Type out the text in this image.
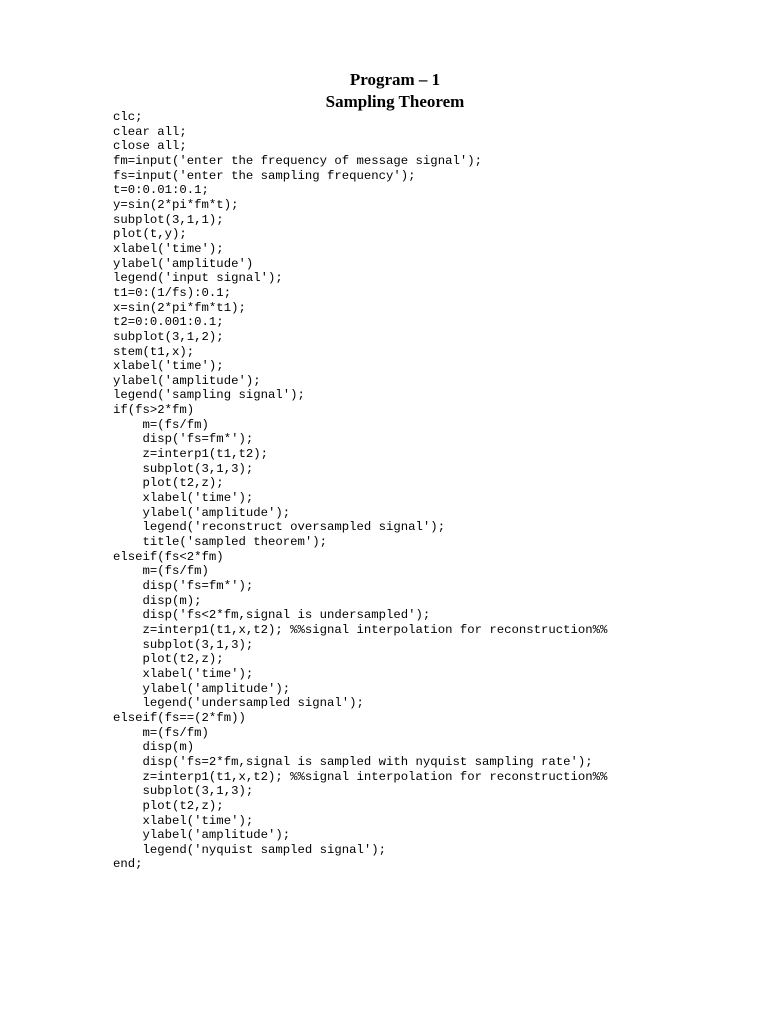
Program – 1
Sampling Theorem
clc;
clear all;
close all;
fm=input('enter the frequency of message signal');
fs=input('enter the sampling frequency');
t=0:0.01:0.1;
y=sin(2*pi*fm*t);
subplot(3,1,1);
plot(t,y);
xlabel('time');
ylabel('amplitude')
legend('input signal');
t1=0:(1/fs):0.1;
x=sin(2*pi*fm*t1);
t2=0:0.001:0.1;
subplot(3,1,2);
stem(t1,x);
xlabel('time');
ylabel('amplitude');
legend('sampling signal');
if(fs>2*fm)
m=(fs/fm)
disp('fs=fm*');
z=interp1(t1,t2);
subplot(3,1,3);
plot(t2,z);
xlabel('time');
ylabel('amplitude');
legend('reconstruct oversampled signal');
title('sampled theorem');
elseif(fs<2*fm)
m=(fs/fm)
disp('fs=fm*');
disp(m);
disp('fs<2*fm,signal is undersampled');
z=interp1(t1,x,t2); %%signal interpolation for reconstruction%%
subplot(3,1,3);
plot(t2,z);
xlabel('time');
ylabel('amplitude');
legend('undersampled signal');
elseif(fs==(2*fm))
m=(fs/fm)
disp(m)
disp('fs=2*fm,signal is sampled with nyquist sampling rate');
z=interp1(t1,x,t2); %%signal interpolation for reconstruction%%
subplot(3,1,3);
plot(t2,z);
xlabel('time');
ylabel('amplitude');
legend('nyquist sampled signal');
end;
